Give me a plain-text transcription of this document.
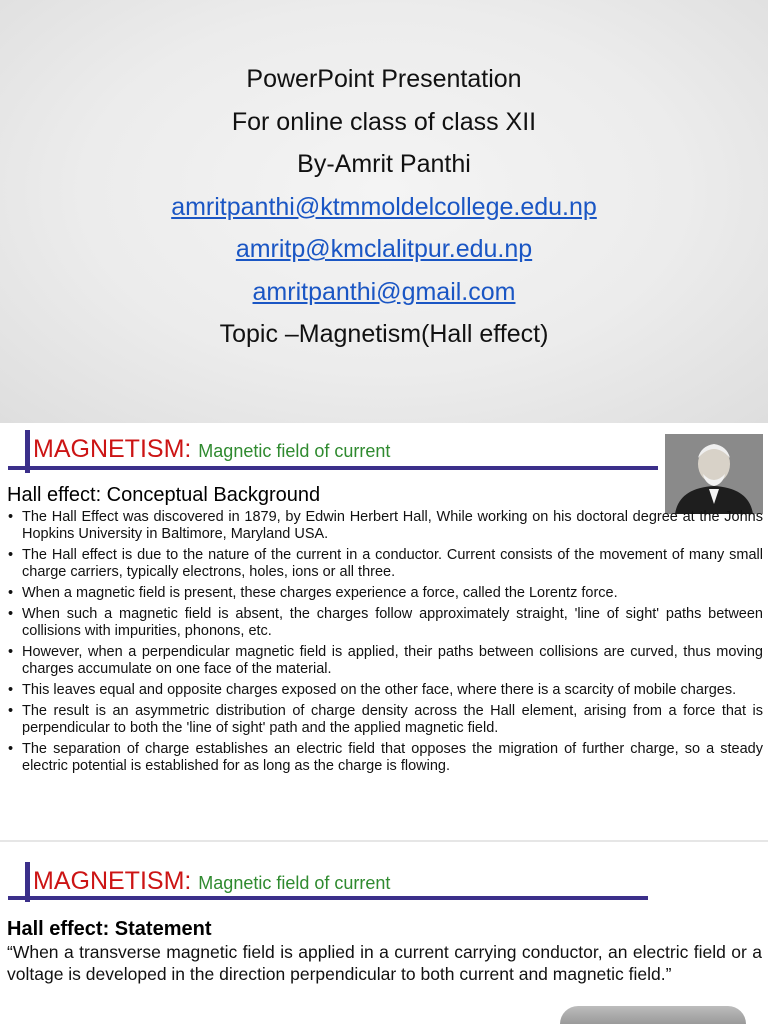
PowerPoint Presentation
For online class of class XII
By-Amrit Panthi
amritpanthi@ktmmoldelcollege.edu.np
amritp@kmclalitpur.edu.np
amritpanthi@gmail.com
Topic –Magnetism(Hall effect)
MAGNETISM: Magnetic field of current
Hall effect: Conceptual Background
• The Hall Effect was discovered in 1879, by Edwin Herbert Hall, While working on his doctoral degree at the Johns Hopkins University in Baltimore, Maryland USA.
• The Hall effect is due to the nature of the current in a conductor. Current consists of the movement of many small charge carriers, typically electrons, holes, ions or all three.
• When a magnetic field is present, these charges experience a force, called the Lorentz force.
• When such a magnetic field is absent, the charges follow approximately straight, 'line of sight' paths between collisions with impurities, phonons, etc.
• However, when a perpendicular magnetic field is applied, their paths between collisions are curved, thus moving charges accumulate on one face of the material.
• This leaves equal and opposite charges exposed on the other face, where there is a scarcity of mobile charges.
• The result is an asymmetric distribution of charge density across the Hall element, arising from a force that is perpendicular to both the 'line of sight' path and the applied magnetic field.
• The separation of charge establishes an electric field that opposes the migration of further charge, so a steady electric potential is established for as long as the charge is flowing.
MAGNETISM: Magnetic field of current
Hall effect: Statement

“When a transverse magnetic field is applied in a current carrying conductor, an electric field or a voltage is developed in the direction perpendicular to both current and magnetic field.”
